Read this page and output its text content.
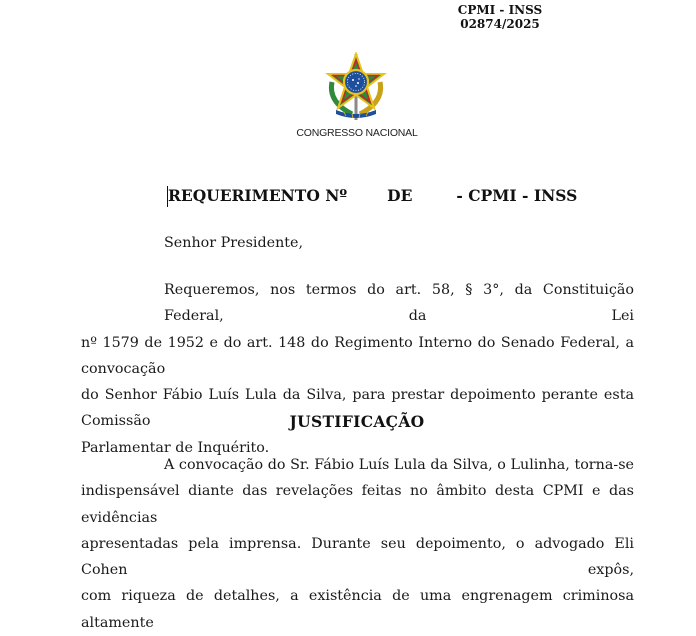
CPMI - INSS
02874/2025
CONGRESSO NACIONAL
REQUERIMENTO Nº	DE	- CPMI - INSS
Senhor Presidente,
Requeremos, nos termos do art. 58, § 3°, da Constituição Federal, da Lei
nº 1579 de 1952 e do art. 148 do Regimento Interno do Senado Federal, a convocação
do Senhor Fábio Luís Lula da Silva, para prestar depoimento perante esta Comissão
Parlamentar de Inquérito.
JUSTIFICAÇÃO
A convocação do Sr. Fábio Luís Lula da Silva, o Lulinha, torna-se
indispensável diante das revelações feitas no âmbito desta CPMI e das evidências
apresentadas pela imprensa. Durante seu depoimento, o advogado Eli Cohen expôs,
com riqueza de detalhes, a existência de uma engrenagem criminosa altamente
